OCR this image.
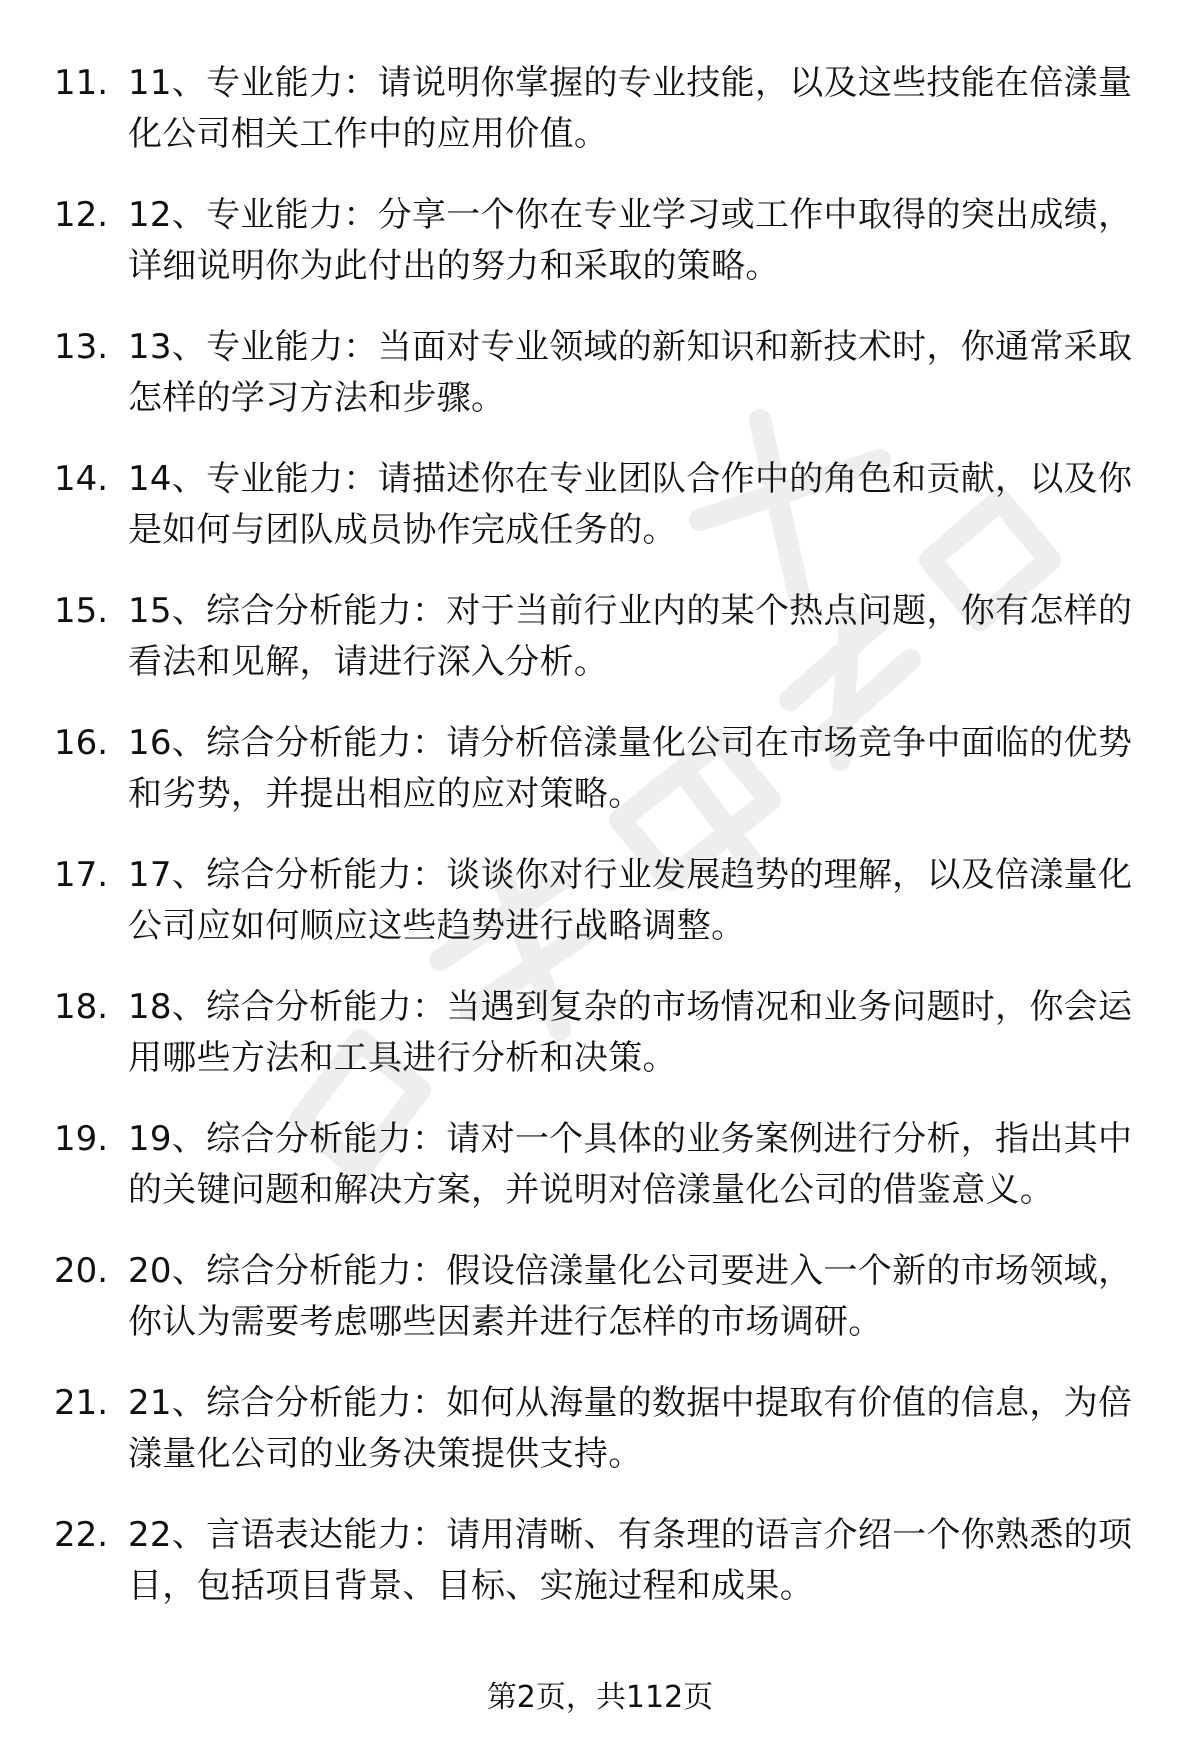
11. 11、专业能力：请说明你掌握的专业技能，以及这些技能在倍漾量化公司相关工作中的应用价值。
12. 12、专业能力：分享一个你在专业学习或工作中取得的突出成绩，详细说明你为此付出的努力和采取的策略。
13. 13、专业能力：当面对专业领域的新知识和新技术时，你通常采取怎样的学习方法和步骤。
14. 14、专业能力：请描述你在专业团队合作中的角色和贡献，以及你是如何与团队成员协作完成任务的。
15. 15、综合分析能力：对于当前行业内的某个热点问题，你有怎样的看法和见解，请进行深入分析。
16. 16、综合分析能力：请分析倍漾量化公司在市场竞争中面临的优势和劣势，并提出相应的应对策略。
17. 17、综合分析能力：谈谈你对行业发展趋势的理解，以及倍漾量化公司应如何顺应这些趋势进行战略调整。
18. 18、综合分析能力：当遇到复杂的市场情况和业务问题时，你会运用哪些方法和工具进行分析和决策。
19. 19、综合分析能力：请对一个具体的业务案例进行分析，指出其中的关键问题和解决方案，并说明对倍漾量化公司的借鉴意义。
20. 20、综合分析能力：假设倍漾量化公司要进入一个新的市场领域，你认为需要考虑哪些因素并进行怎样的市场调研。
21. 21、综合分析能力：如何从海量的数据中提取有价值的信息，为倍漾量化公司的业务决策提供支持。
22. 22、言语表达能力：请用清晰、有条理的语言介绍一个你熟悉的项目，包括项目背景、目标、实施过程和成果。
第2页，共112页
